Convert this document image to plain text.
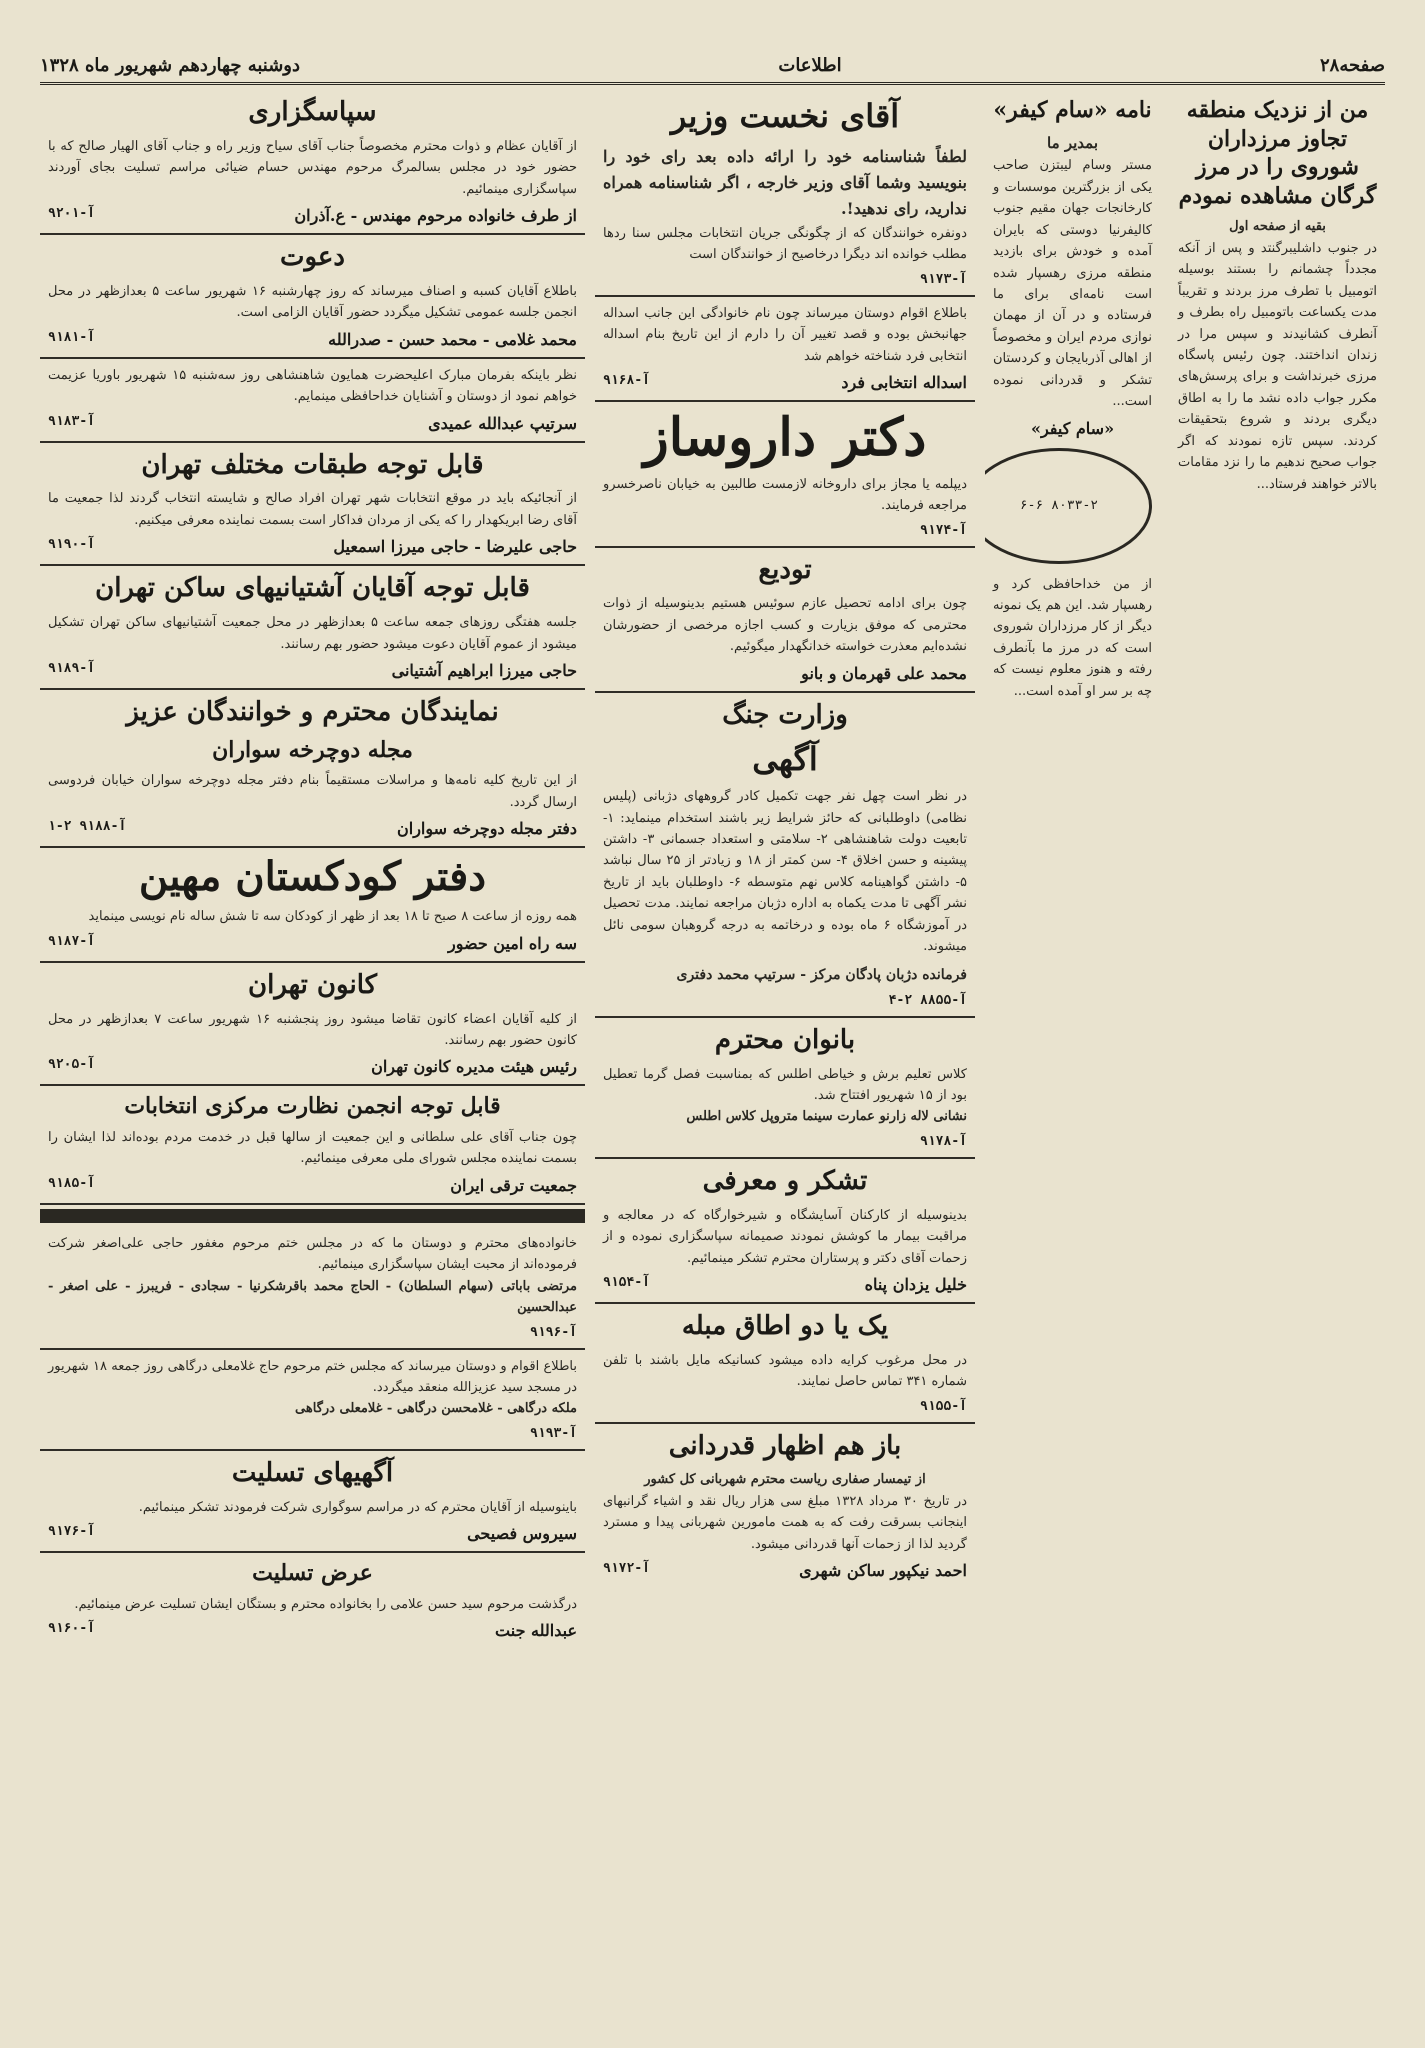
صفحه۲۸
اطلاعات
دوشنبه چهاردهم شهریور ماه ۱۳۲۸
من از نزدیک منطقه تجاوز مرزداران شوروی را در مرز گرگان مشاهده نمودم
بقیه از صفحه اول
در جنوب داشلیبرگنتد و پس از آنکه مجدداً چشمانم را بستند بوسیله اتومبیل با تطرف مرز بردند و تقریباً مدت یکساعت باتومبیل راه بطرف و آنطرف کشانیدند و سپس مرا در زندان انداختند. چون رئیس پاسگاه مرزی خبرنداشت و برای پرسش‌های مکرر جواب داده نشد ما را به اطاق دیگری بردند و شروع بتحقیقات کردند. سپس تازه نمودند که اگر جواب صحیح ندهیم ما را نزد مقامات بالاتر خواهند فرستاد...
نامه «سام کیفر»
بمدیر ما
مستر وسام لیبتزن صاحب یکی از بزرگترین موسسات و کارخانجات جهان مقیم جنوب کالیفرنیا دوستی که بایران آمده و خودش برای بازدید منطقه مرزی رهسپار شده است نامه‌ای برای ما فرستاده و در آن از مهمان نوازی مردم ایران و مخصوصاً از اهالی آذربایجان و کردستان تشکر و قدردانی نموده است...
«سام کیفر»
۸۰۳۳-۲ ۶-۶
از من خداحافظی کرد و رهسپار شد. این هم یک نمونه دیگر از کار مرزداران شوروی است که در مرز ما بآنطرف رفته و هنوز معلوم نیست که چه بر سر او آمده است...
آقای نخست وزیر
لطفاً شناسنامه خود را ارائه داده بعد رای خود را بنویسید وشما آقای وزیر خارجه ، اگر شناسنامه همراه ندارید، رای ندهید!.
دونفره خوانندگان که از چگونگی جریان انتخابات مجلس سنا ردها مطلب خوانده اند دیگرا درخاصیح از خوانندگان است
آ-۹۱۷۳
باطلاع اقوام دوستان میرساند چون نام خانوادگی این جانب اسداله جهانبخش بوده و قصد تغییر آن را دارم از این تاریخ بنام اسداله انتخابی فرد شناخته خواهم شد
اسداله انتخابی فرد
آ-۹۱۶۸
دکتر داروساز
دیپلمه یا مجاز برای داروخانه لازمست طالبین به خیابان ناصرخسرو مراجعه فرمایند.
آ-۹۱۷۴
تودیع
چون برای ادامه تحصیل عازم سوئیس هستیم بدینوسیله از ذوات محترمی که موفق بزیارت و کسب اجازه مرخصی از حضورشان نشده‌ایم معذرت خواسته خدانگهدار میگوئیم.
محمد علی قهرمان و بانو
وزارت جنگ
آگهی
در نظر است چهل نفر جهت تکمیل کادر گروههای دژبانی (پلیس نظامی) داوطلبانی که حائز شرایط زیر باشند استخدام مینماید: ۱- تابعیت دولت شاهنشاهی ۲- سلامتی و استعداد جسمانی ۳- داشتن پیشینه و حسن اخلاق ۴- سن کمتر از ۱۸ و زیادتر از ۲۵ سال نباشد ۵- داشتن گواهینامه کلاس نهم متوسطه ۶- داوطلبان باید از تاریخ نشر آگهی تا مدت یکماه به اداره دژبان مراجعه نمایند. مدت تحصیل در آموزشگاه ۶ ماه بوده و درخاتمه به درجه گروهبان سومی نائل میشوند.
فرمانده دژبان پادگان مرکز - سرتیپ محمد دفتری
آ-۸۸۵۵ ۲-۴
بانوان محترم
کلاس تعلیم برش و خیاطی اطلس که بمناسبت فصل گرما تعطیل بود از ۱۵ شهریور افتتاح شد.
نشانی لاله زارنو عمارت سینما متروپل کلاس اطلس
آ-۹۱۷۸
تشکر و معرفی
بدینوسیله از کارکنان آسایشگاه و شیرخوارگاه که در معالجه و مراقبت بیمار ما کوشش نمودند صمیمانه سپاسگزاری نموده و از زحمات آقای دکتر و پرستاران محترم تشکر مینمائیم.
خلیل یزدان پناه
آ-۹۱۵۴
یک یا دو اطاق مبله
در محل مرغوب کرایه داده میشود کسانیکه مایل باشند با تلفن شماره ۳۴۱ تماس حاصل نمایند.
آ-۹۱۵۵
باز هم اظهار قدردانی
از تیمسار صفاری ریاست محترم شهربانی کل کشور
در تاریخ ۳۰ مرداد ۱۳۲۸ مبلغ سی هزار ریال نقد و اشیاء گرانبهای اینجانب بسرقت رفت که به همت مامورین شهربانی پیدا و مسترد گردید لذا از زحمات آنها قدردانی میشود.
احمد نیکپور ساکن شهری
آ-۹۱۷۲
سپاسگزاری
از آقایان عظام و ذوات محترم مخصوصاً جناب آقای سیاح وزیر راه و جناب آقای الهیار صالح که با حضور خود در مجلس بسالمرگ مرحوم مهندس حسام ضیائی مراسم تسلیت بجای آوردند سپاسگزاری مینمائیم.
از طرف خانواده مرحوم مهندس - ع.آذران
آ-۹۲۰۱
دعوت
باطلاع آقایان کسبه و اصناف میرساند که روز چهارشنبه ۱۶ شهریور ساعت ۵ بعدازظهر در محل انجمن جلسه عمومی تشکیل میگردد حضور آقایان الزامی است.
محمد غلامی - محمد حسن - صدرالله
آ-۹۱۸۱
نظر باینکه بفرمان مبارک اعلیحضرت همایون شاهنشاهی روز سه‌شنبه ۱۵ شهریور باوریا عزیمت خواهم نمود از دوستان و آشنایان خداحافظی مینمایم.
سرتیپ عبدالله عمیدی
آ-۹۱۸۳
قابل توجه طبقات مختلف تهران
از آنجائیکه باید در موقع انتخابات شهر تهران افراد صالح و شایسته انتخاب گردند لذا جمعیت ما آقای رضا ابریکهدار را که یکی از مردان فداکار است بسمت نماینده معرفی میکنیم.
حاجی علیرضا - حاجی میرزا اسمعیل
آ-۹۱۹۰
قابل توجه آقایان آشتیانیهای ساکن تهران
جلسه هفتگی روزهای جمعه ساعت ۵ بعدازظهر در محل جمعیت آشتیانیهای ساکن تهران تشکیل میشود از عموم آقایان دعوت میشود حضور بهم رسانند.
حاجی میرزا ابراهیم آشتیانی
آ-۹۱۸۹
نمایندگان محترم و خوانندگان عزیز
مجله دوچرخه سواران
از این تاریخ کلیه نامه‌ها و مراسلات مستقیماً بنام دفتر مجله دوچرخه سواران خیابان فردوسی ارسال گردد.
دفتر مجله دوچرخه سواران
آ-۹۱۸۸ ۲-۱
دفتر کودکستان مهین
همه روزه از ساعت ۸ صبح تا ۱۸ بعد از ظهر از کودکان سه تا شش ساله نام نویسی مینماید
سه راه امین حضور
آ-۹۱۸۷
کانون تهران
از کلیه آقایان اعضاء کانون تقاضا میشود روز پنجشنبه ۱۶ شهریور ساعت ۷ بعدازظهر در محل کانون حضور بهم رسانند.
رئیس هیئت مدیره کانون تهران
آ-۹۲۰۵
قابل توجه انجمن نظارت مرکزی انتخابات
چون جناب آقای علی سلطانی و این جمعیت از سالها قبل در خدمت مردم بوده‌اند لذا ایشان را بسمت نماینده مجلس شورای ملی معرفی مینمائیم.
جمعیت ترقی ایران
آ-۹۱۸۵
خانواده‌های محترم و دوستان ما که در مجلس ختم مرحوم مغفور حاجی علی‌اصغر شرکت فرموده‌اند از محبت ایشان سپاسگزاری مینمائیم.
مرتضی باباتی (سهام السلطان) - الحاج محمد باقرشکرنیا - سجادی - فریبرز - علی اصغر - عبدالحسین
آ-۹۱۹۶
باطلاع اقوام و دوستان میرساند که مجلس ختم مرحوم حاج غلامعلی درگاهی روز جمعه ۱۸ شهریور در مسجد سید عزیزالله منعقد میگردد.
ملکه درگاهی - غلامحسن درگاهی - غلامعلی درگاهی
آ-۹۱۹۳
آگهیهای تسلیت
باینوسیله از آقایان محترم که در مراسم سوگواری شرکت فرمودند تشکر مینمائیم.
سیروس فصیحی
آ-۹۱۷۶
عرض تسلیت
درگذشت مرحوم سید حسن علامی را بخانواده محترم و بستگان ایشان تسلیت عرض مینمائیم.
عبدالله جنت
آ-۹۱۶۰
